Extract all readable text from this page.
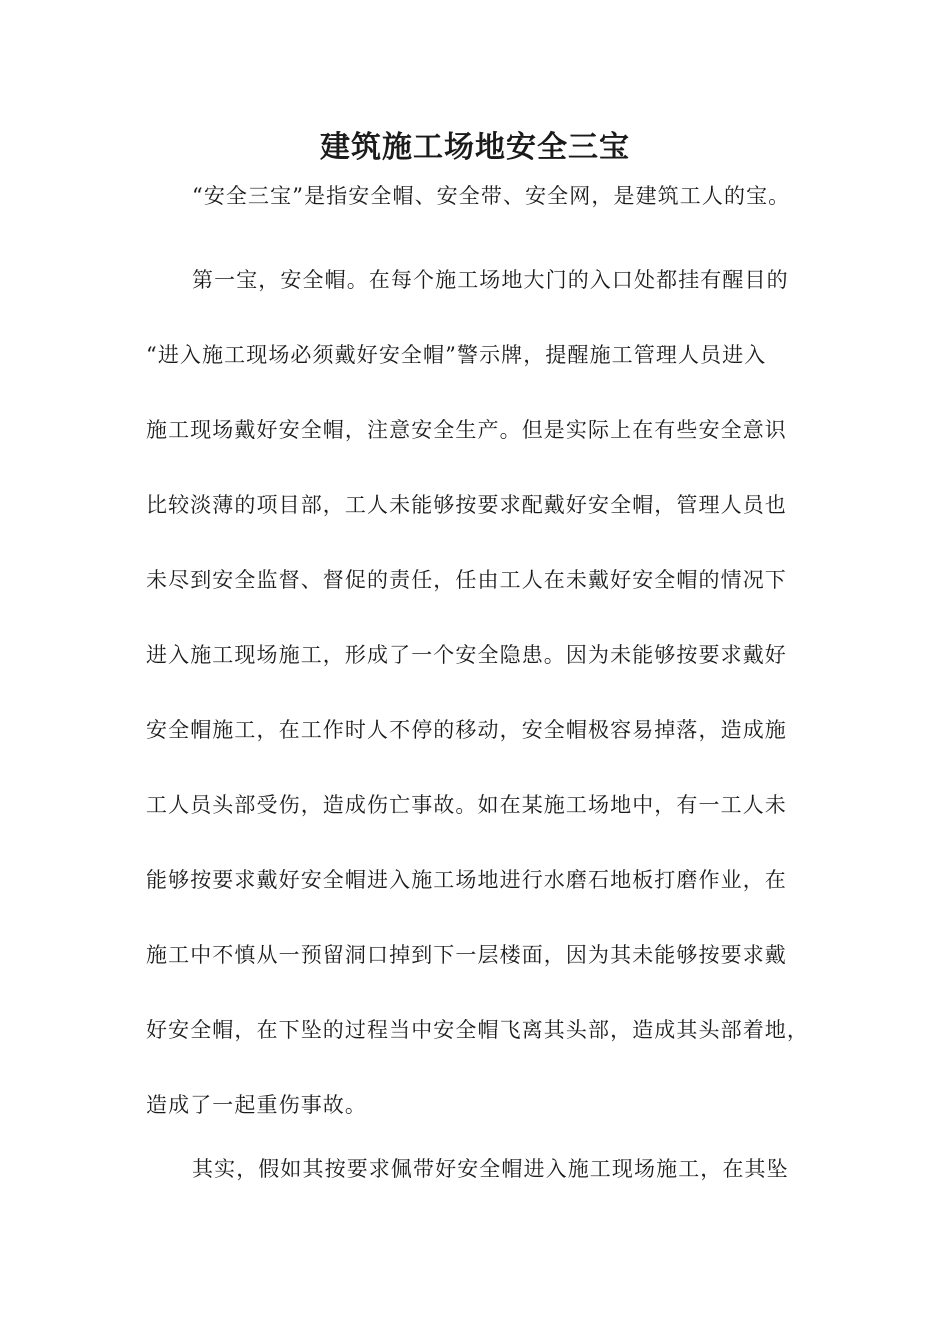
建筑施工场地安全三宝
“安全三宝”是指安全帽、安全带、安全网，是建筑工人的宝。
第一宝，安全帽。在每个施工场地大门的入口处都挂有醒目的
“进入施工现场必须戴好安全帽”警示牌，提醒施工管理人员进入
施工现场戴好安全帽，注意安全生产。但是实际上在有些安全意识
比较淡薄的项目部，工人未能够按要求配戴好安全帽，管理人员也
未尽到安全监督、督促的责任，任由工人在未戴好安全帽的情况下
进入施工现场施工，形成了一个安全隐患。因为未能够按要求戴好
安全帽施工，在工作时人不停的移动，安全帽极容易掉落，造成施
工人员头部受伤，造成伤亡事故。如在某施工场地中，有一工人未
能够按要求戴好安全帽进入施工场地进行水磨石地板打磨作业，在
施工中不慎从一预留洞口掉到下一层楼面，因为其未能够按要求戴
好安全帽，在下坠的过程当中安全帽飞离其头部，造成其头部着地，
造成了一起重伤事故。
其实，假如其按要求佩带好安全帽进入施工现场施工，在其坠
